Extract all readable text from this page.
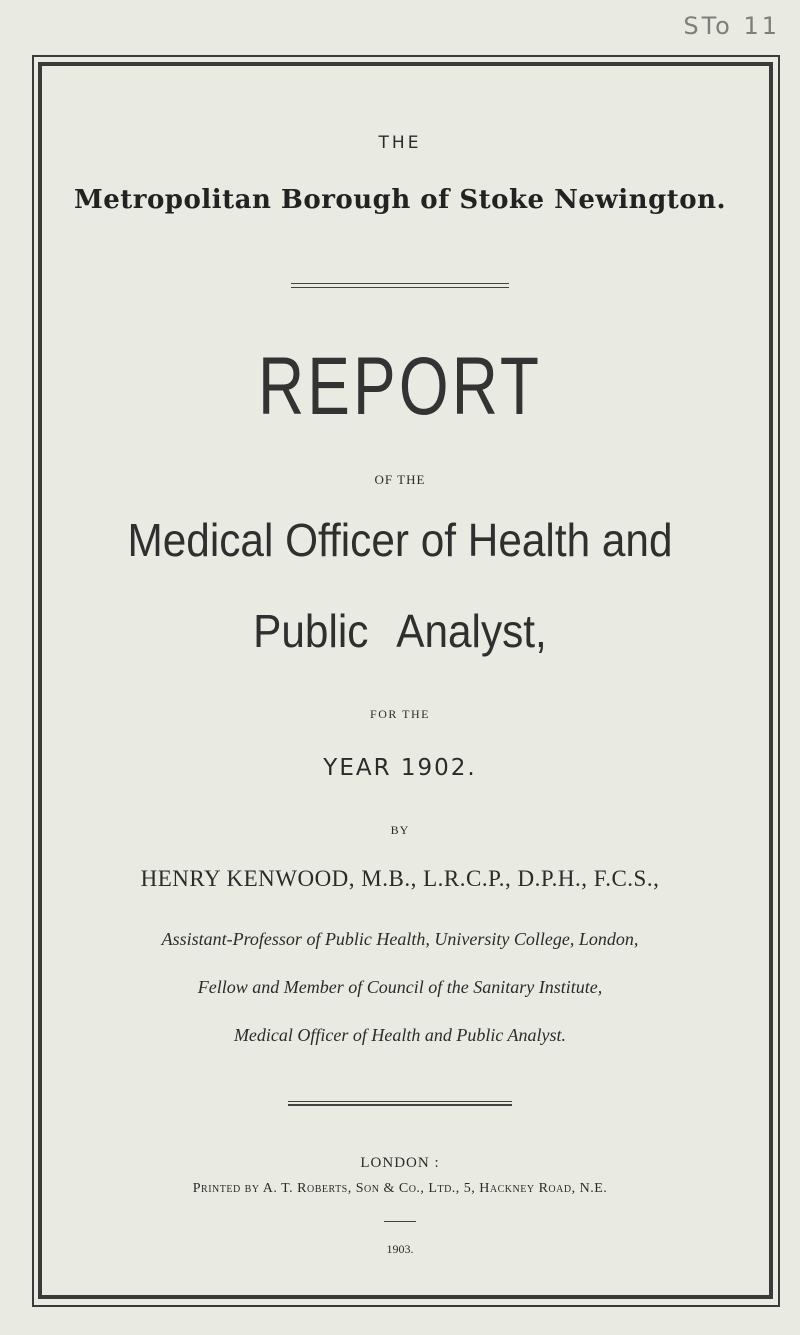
STo 11

THE

Metropolitan Borough of Stoke Newington.

REPORT

OF THE

Medical Officer of Health and

Public Analyst,

FOR THE

YEAR 1902.

BY

HENRY KENWOOD, M.B., L.R.C.P., D.P.H., F.C.S.,

Assistant-Professor of Public Health, University College, London,

Fellow and Member of Council of the Sanitary Institute,

Medical Officer of Health and Public Analyst.

LONDON :

Printed by A. T. Roberts, Son & Co., Ltd., 5, Hackney Road, N.E.

1903.
